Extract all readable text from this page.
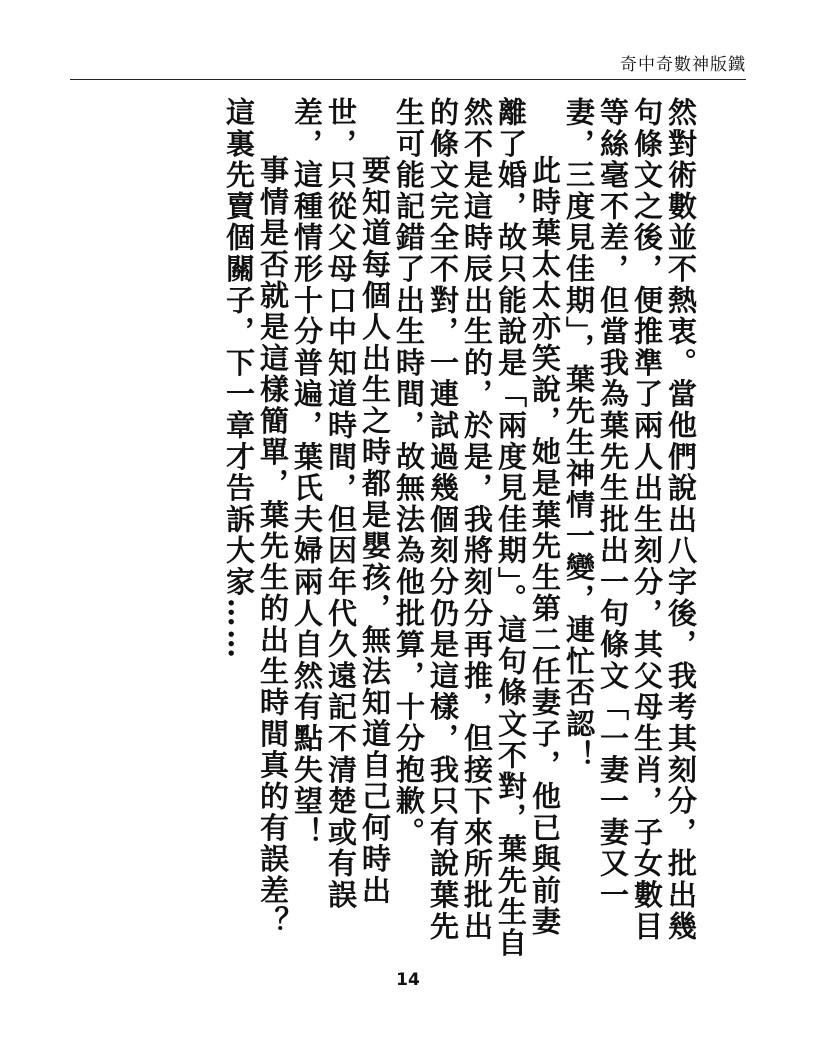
奇中奇數神版鐵

然對術數並不熱衷。當他們說出八字後，我考其刻分，批出幾句條文之後，便推準了兩人出生刻分，其父母生肖，子女數目等絲毫不差，但當我為葉先生批出一句條文「一妻一妻又一妻，三度見佳期」，葉先生神情一變，連忙否認！

此時葉太太亦笑說，她是葉先生第二任妻子，他已與前妻離了婚，故只能說是「兩度見佳期」。這句條文不對，葉先生自然不是這時辰出生的，於是，我將刻分再推，但接下來所批出的條文完全不對，一連試過幾個刻分仍是這樣，我只有說葉先生可能記錯了出生時間，故無法為他批算，十分抱歉。

要知道每個人出生之時都是嬰孩，無法知道自己何時出世，只從父母口中知道時間，但因年代久遠記不清楚或有誤差，這種情形十分普遍，葉氏夫婦兩人自然有點失望！

事情是否就是這樣簡單，葉先生的出生時間真的有誤差？這裏先賣個關子，下一章才告訴大家……

14
